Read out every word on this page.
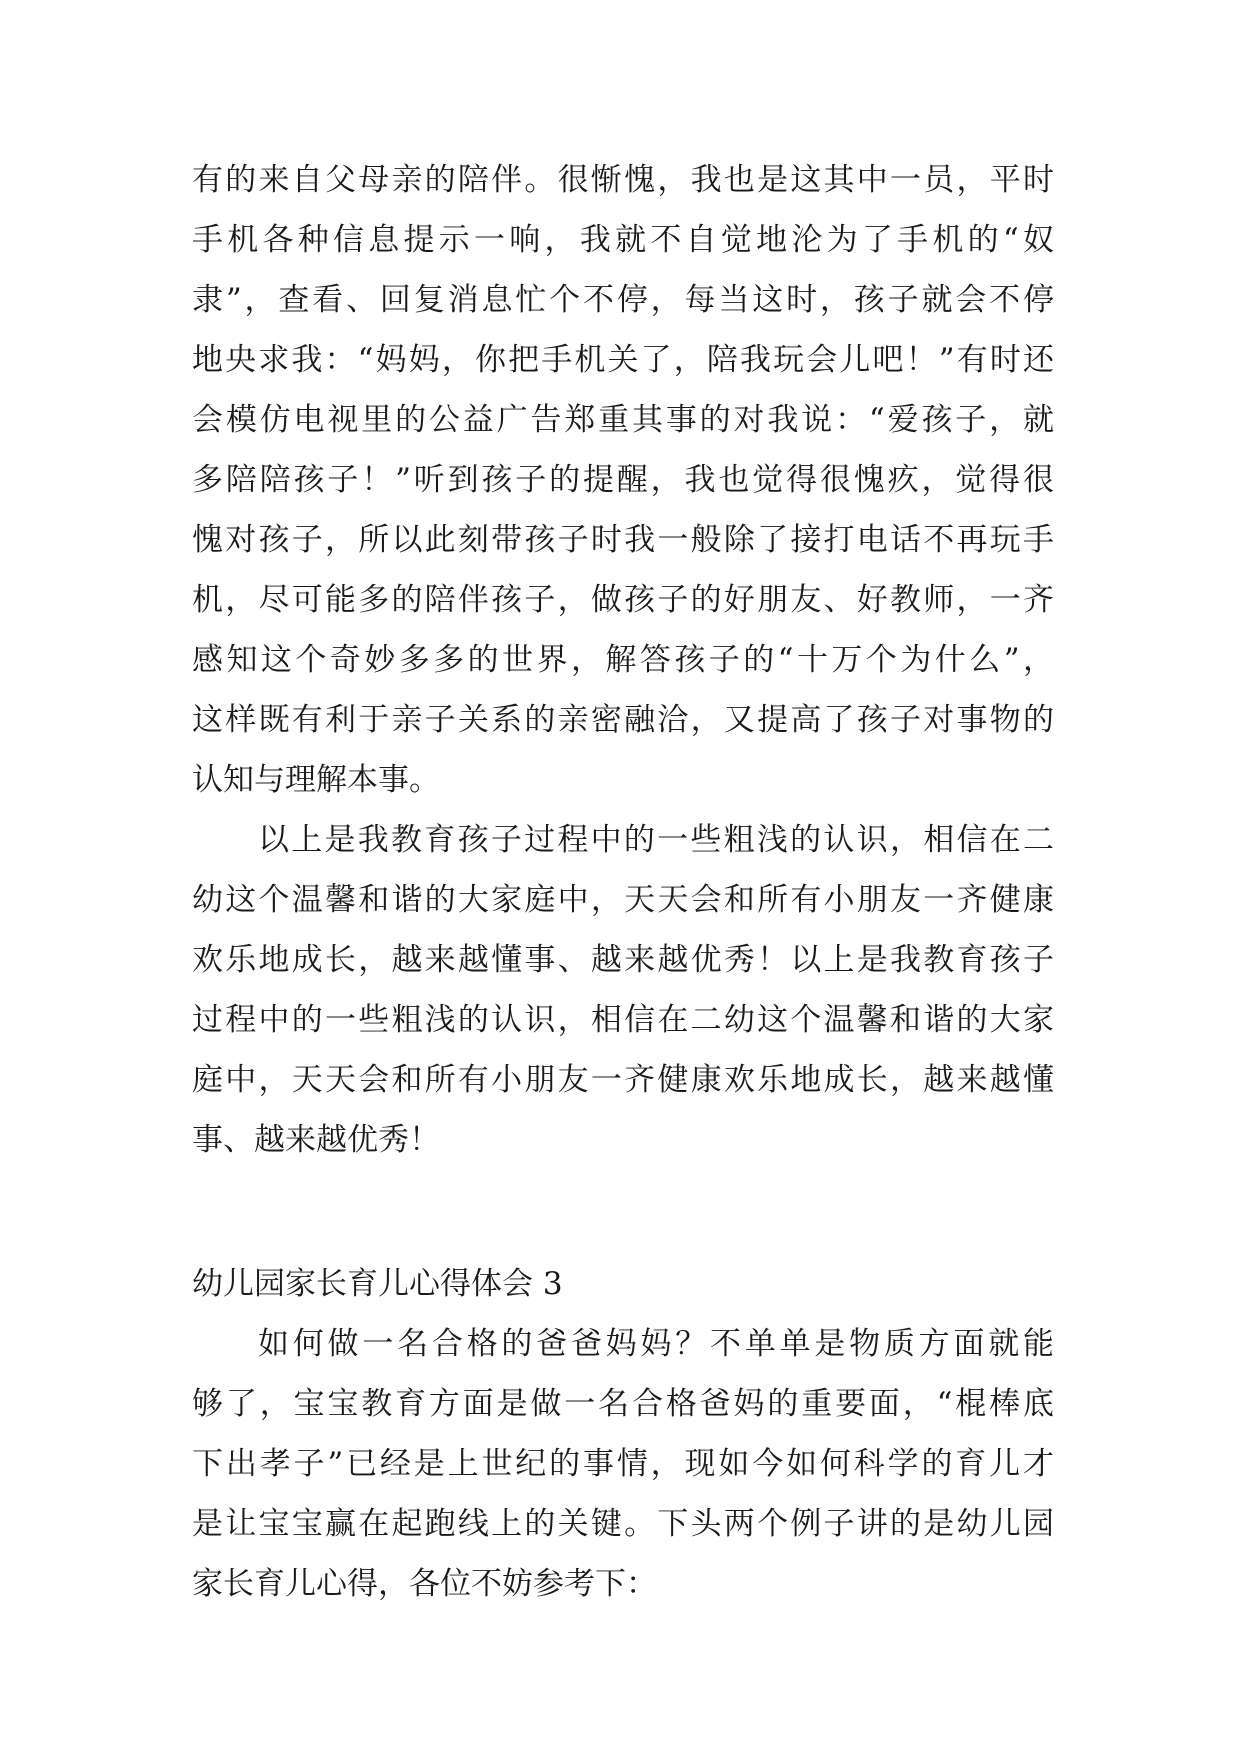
有的来自父母亲的陪伴。很惭愧，我也是这其中一员，平时
手机各种信息提示一响，我就不自觉地沦为了手机的“奴
隶”，查看、回复消息忙个不停，每当这时，孩子就会不停
地央求我：“妈妈，你把手机关了，陪我玩会儿吧！”有时还
会模仿电视里的公益广告郑重其事的对我说：“爱孩子，就
多陪陪孩子！”听到孩子的提醒，我也觉得很愧疚，觉得很
愧对孩子，所以此刻带孩子时我一般除了接打电话不再玩手
机，尽可能多的陪伴孩子，做孩子的好朋友、好教师，一齐
感知这个奇妙多多的世界，解答孩子的“十万个为什么”，
这样既有利于亲子关系的亲密融洽，又提高了孩子对事物的
认知与理解本事。
以上是我教育孩子过程中的一些粗浅的认识，相信在二
幼这个温馨和谐的大家庭中，天天会和所有小朋友一齐健康
欢乐地成长，越来越懂事、越来越优秀！以上是我教育孩子
过程中的一些粗浅的认识，相信在二幼这个温馨和谐的大家
庭中，天天会和所有小朋友一齐健康欢乐地成长，越来越懂
事、越来越优秀！
幼儿园家长育儿心得体会 3
如何做一名合格的爸爸妈妈？不单单是物质方面就能
够了，宝宝教育方面是做一名合格爸妈的重要面，“棍棒底
下出孝子”已经是上世纪的事情，现如今如何科学的育儿才
是让宝宝赢在起跑线上的关键。下头两个例子讲的是幼儿园
家长育儿心得，各位不妨参考下：
